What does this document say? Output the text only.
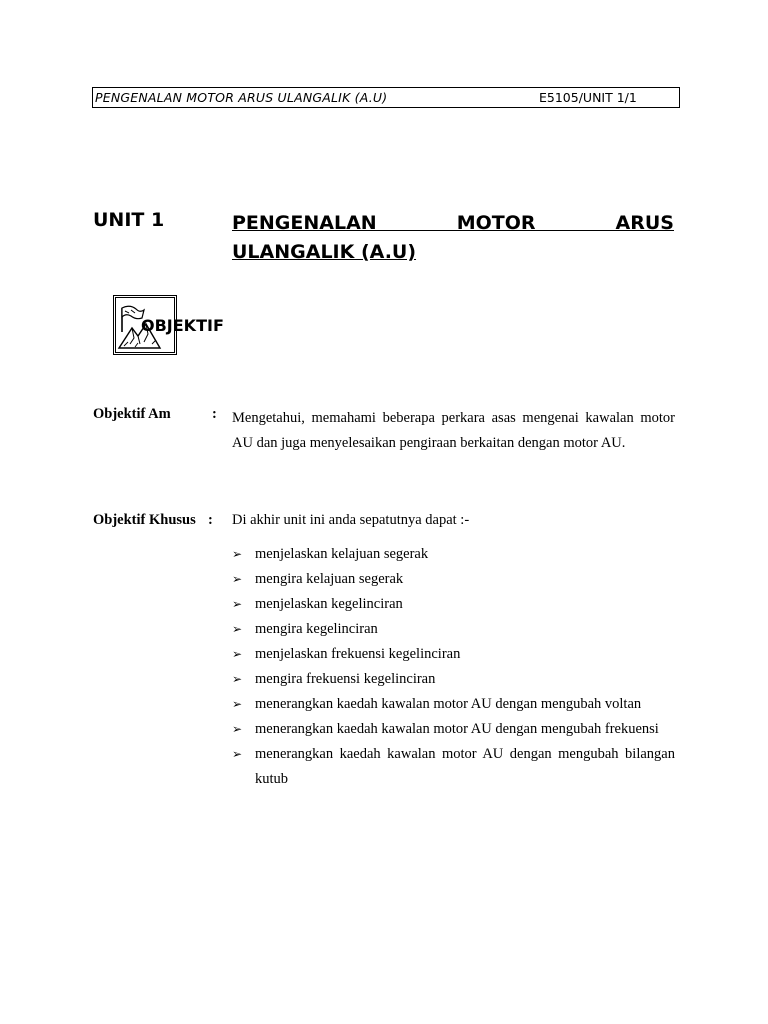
PENGENALAN MOTOR ARUS ULANGALIK (A.U)	E5105/UNIT 1/1
UNIT 1	PENGENALAN MOTOR ARUS
ULANGALIK (A.U)
OBJEKTIF
Objektif Am	: Mengetahui, memahami beberapa perkara asas mengenai kawalan motor AU dan juga menyelesaikan pengiraan berkaitan dengan motor AU.
Objektif Khusus : Di akhir unit ini anda sepatutnya dapat :-
➢ menjelaskan kelajuan segerak
➢ mengira kelajuan segerak
➢ menjelaskan kegelinciran
➢ mengira kegelinciran
➢ menjelaskan frekuensi kegelinciran
➢ mengira frekuensi kegelinciran
➢ menerangkan kaedah kawalan motor AU dengan mengubah voltan
➢ menerangkan kaedah kawalan motor AU dengan mengubah frekuensi
➢ menerangkan kaedah kawalan motor AU dengan mengubah bilangan kutub
